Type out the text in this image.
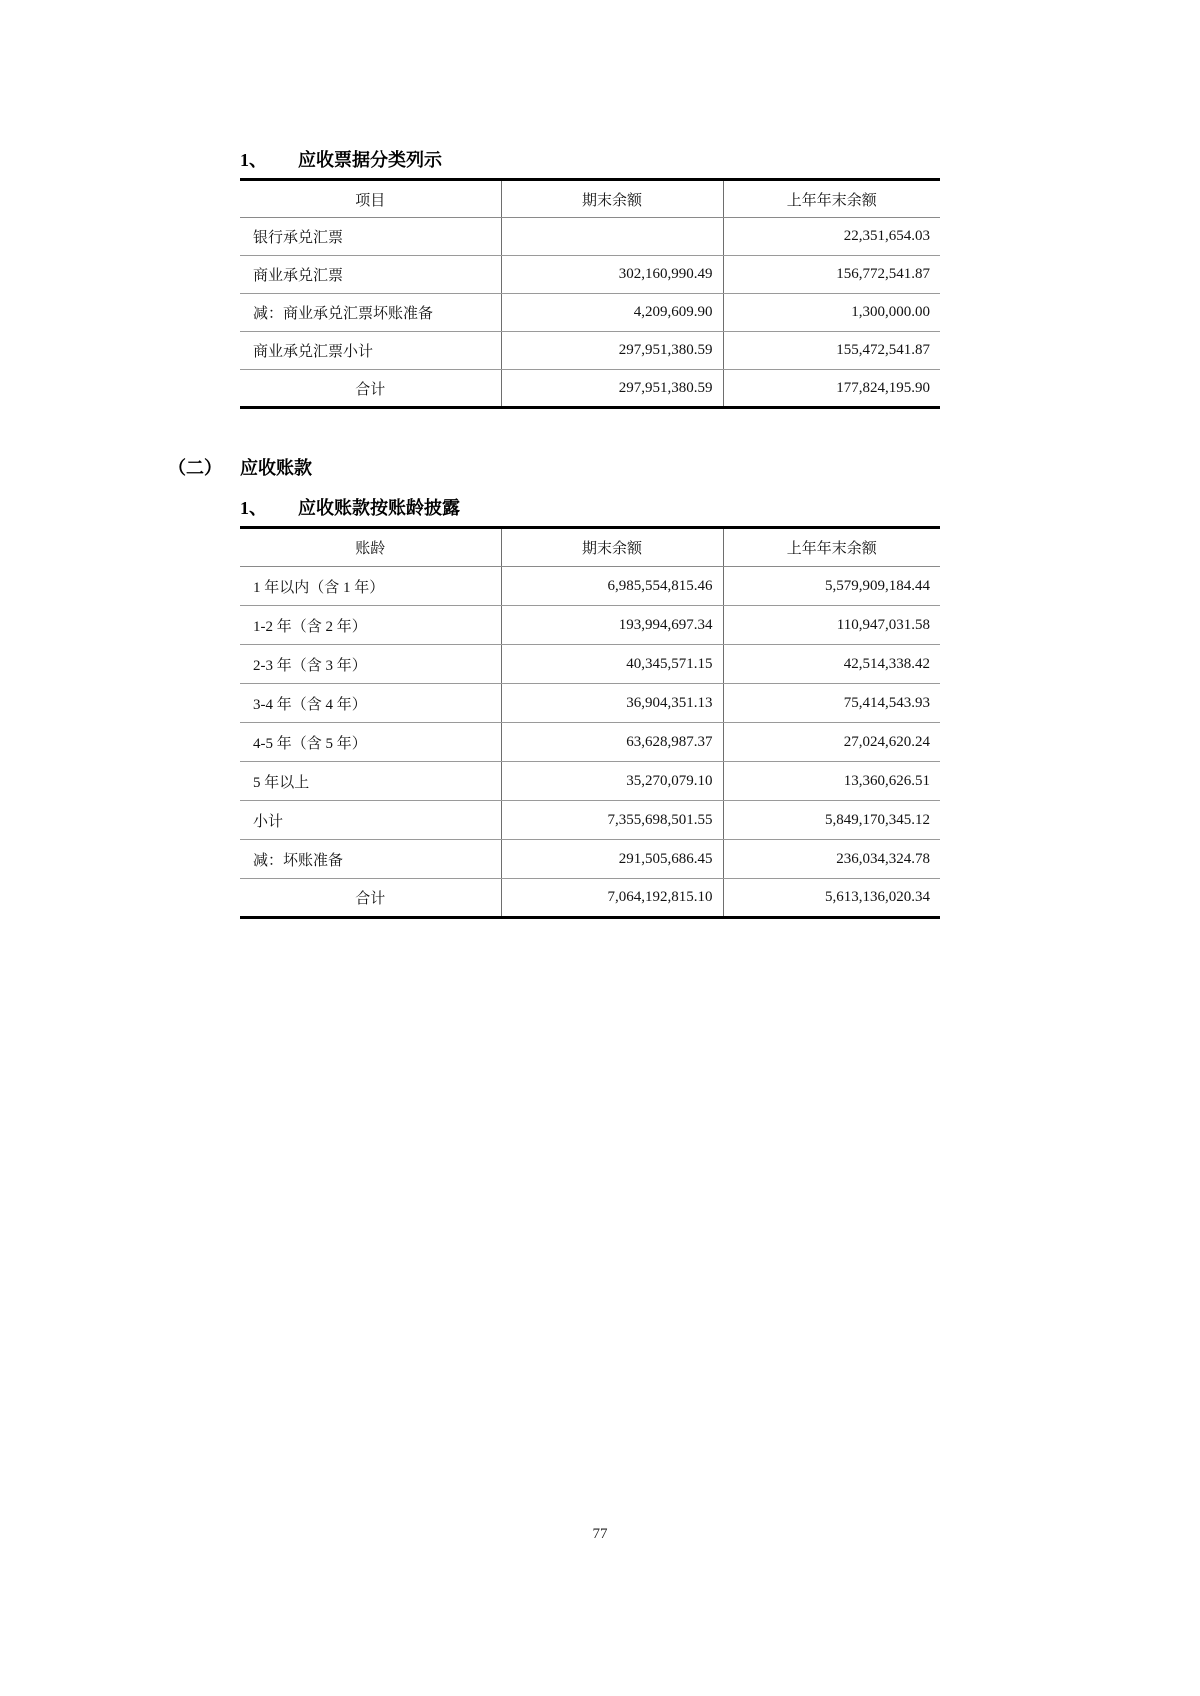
1、	应收票据分类列示
项目	期末余额	上年年末余额
银行承兑汇票		22,351,654.03
商业承兑汇票	302,160,990.49	156,772,541.87
减：商业承兑汇票坏账准备	4,209,609.90	1,300,000.00
商业承兑汇票小计	297,951,380.59	155,472,541.87
合计	297,951,380.59	177,824,195.90
（二）	应收账款
1、	应收账款按账龄披露
账龄	期末余额	上年年末余额
1 年以内（含 1 年）	6,985,554,815.46	5,579,909,184.44
1-2 年（含 2 年）	193,994,697.34	110,947,031.58
2-3 年（含 3 年）	40,345,571.15	42,514,338.42
3-4 年（含 4 年）	36,904,351.13	75,414,543.93
4-5 年（含 5 年）	63,628,987.37	27,024,620.24
5 年以上	35,270,079.10	13,360,626.51
小计	7,355,698,501.55	5,849,170,345.12
减：坏账准备	291,505,686.45	236,034,324.78
合计	7,064,192,815.10	5,613,136,020.34
77
